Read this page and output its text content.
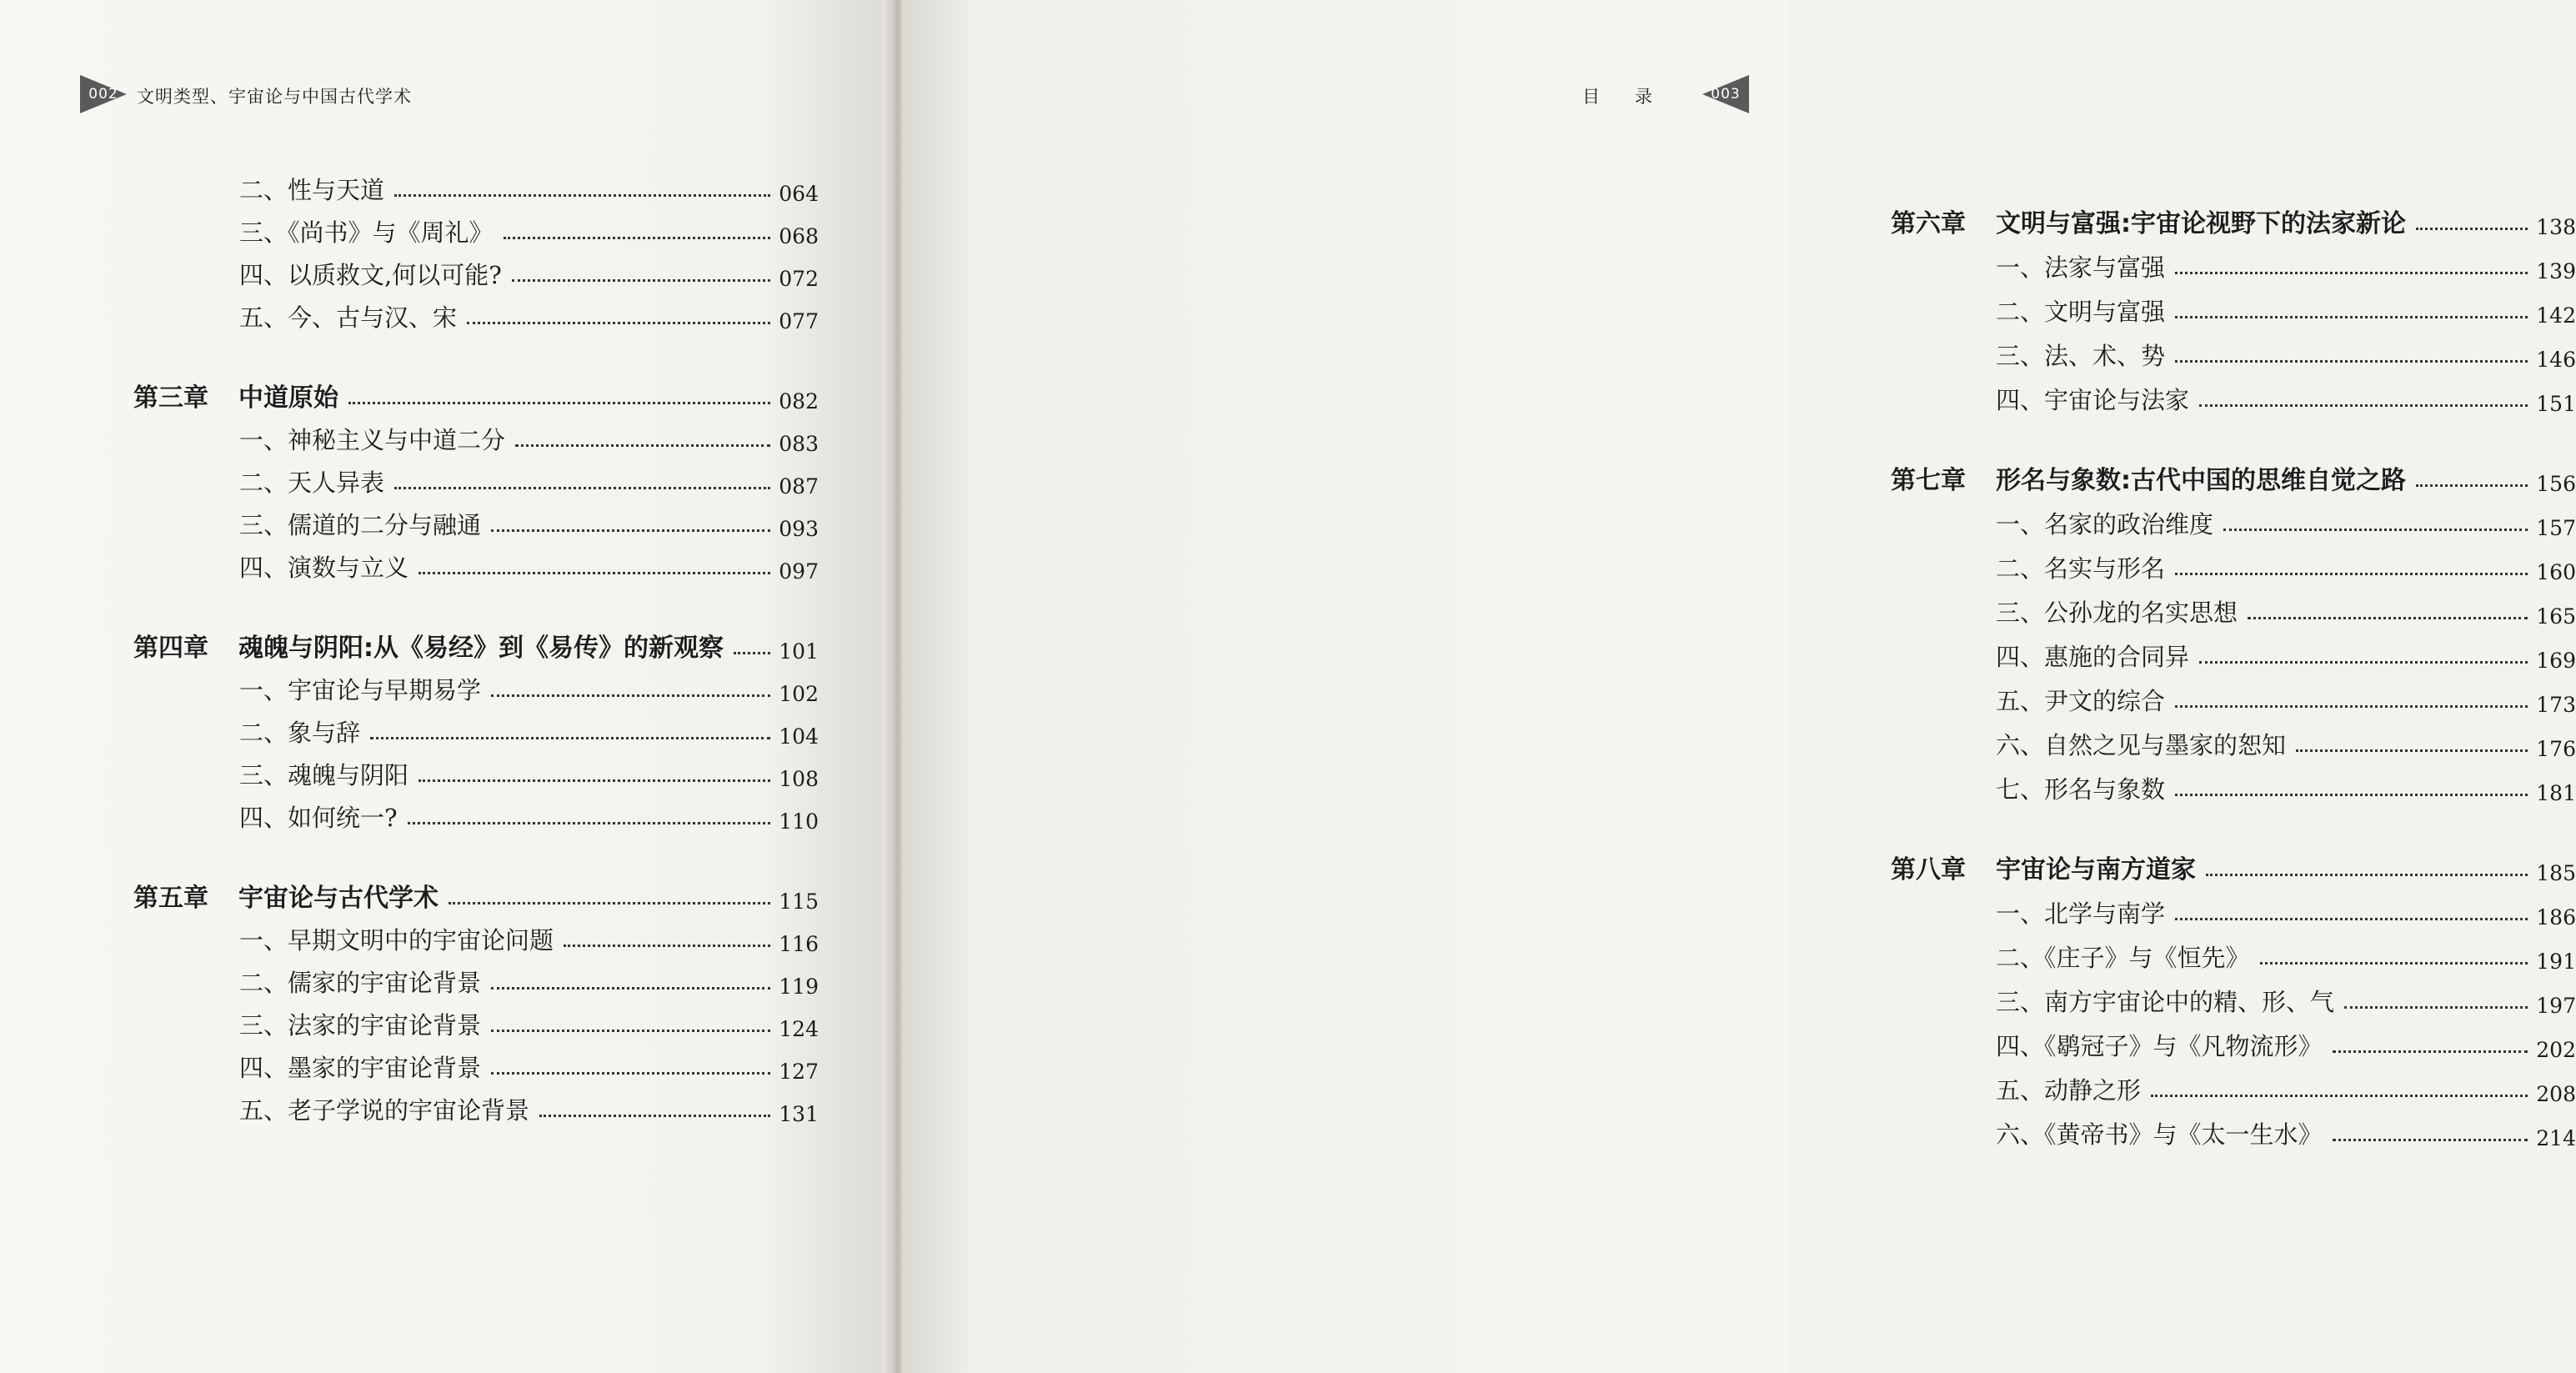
002	文明类型、宇宙论与中国古代学术
二、性与天道	064
三、《尚书》与《周礼》	068
四、以质救文,何以可能?	072
五、今、古与汉、宋	077
第三章 中道原始	082
一、神秘主义与中道二分	083
二、天人异表	087
三、儒道的二分与融通	093
四、演数与立义	097
第四章 魂魄与阴阳:从《易经》到《易传》的新观察	101
一、宇宙论与早期易学	102
二、象与辞	104
三、魂魄与阴阳	108
四、如何统一?	110
第五章 宇宙论与古代学术	115
一、早期文明中的宇宙论问题	116
二、儒家的宇宙论背景	119
三、法家的宇宙论背景	124
四、墨家的宇宙论背景	127
五、老子学说的宇宙论背景	131
目录	003
第六章 文明与富强:宇宙论视野下的法家新论	138
一、法家与富强	139
二、文明与富强	142
三、法、术、势	146
四、宇宙论与法家	151
第七章 形名与象数:古代中国的思维自觉之路	156
一、名家的政治维度	157
二、名实与形名	160
三、公孙龙的名实思想	165
四、惠施的合同异	169
五、尹文的综合	173
六、自然之见与墨家的恕知	176
七、形名与象数	181
第八章 宇宙论与南方道家	185
一、北学与南学	186
二、《庄子》与《恒先》	191
三、南方宇宙论中的精、形、气	197
四、《鹖冠子》与《凡物流形》	202
五、动静之形	208
六、《黄帝书》与《太一生水》	214
